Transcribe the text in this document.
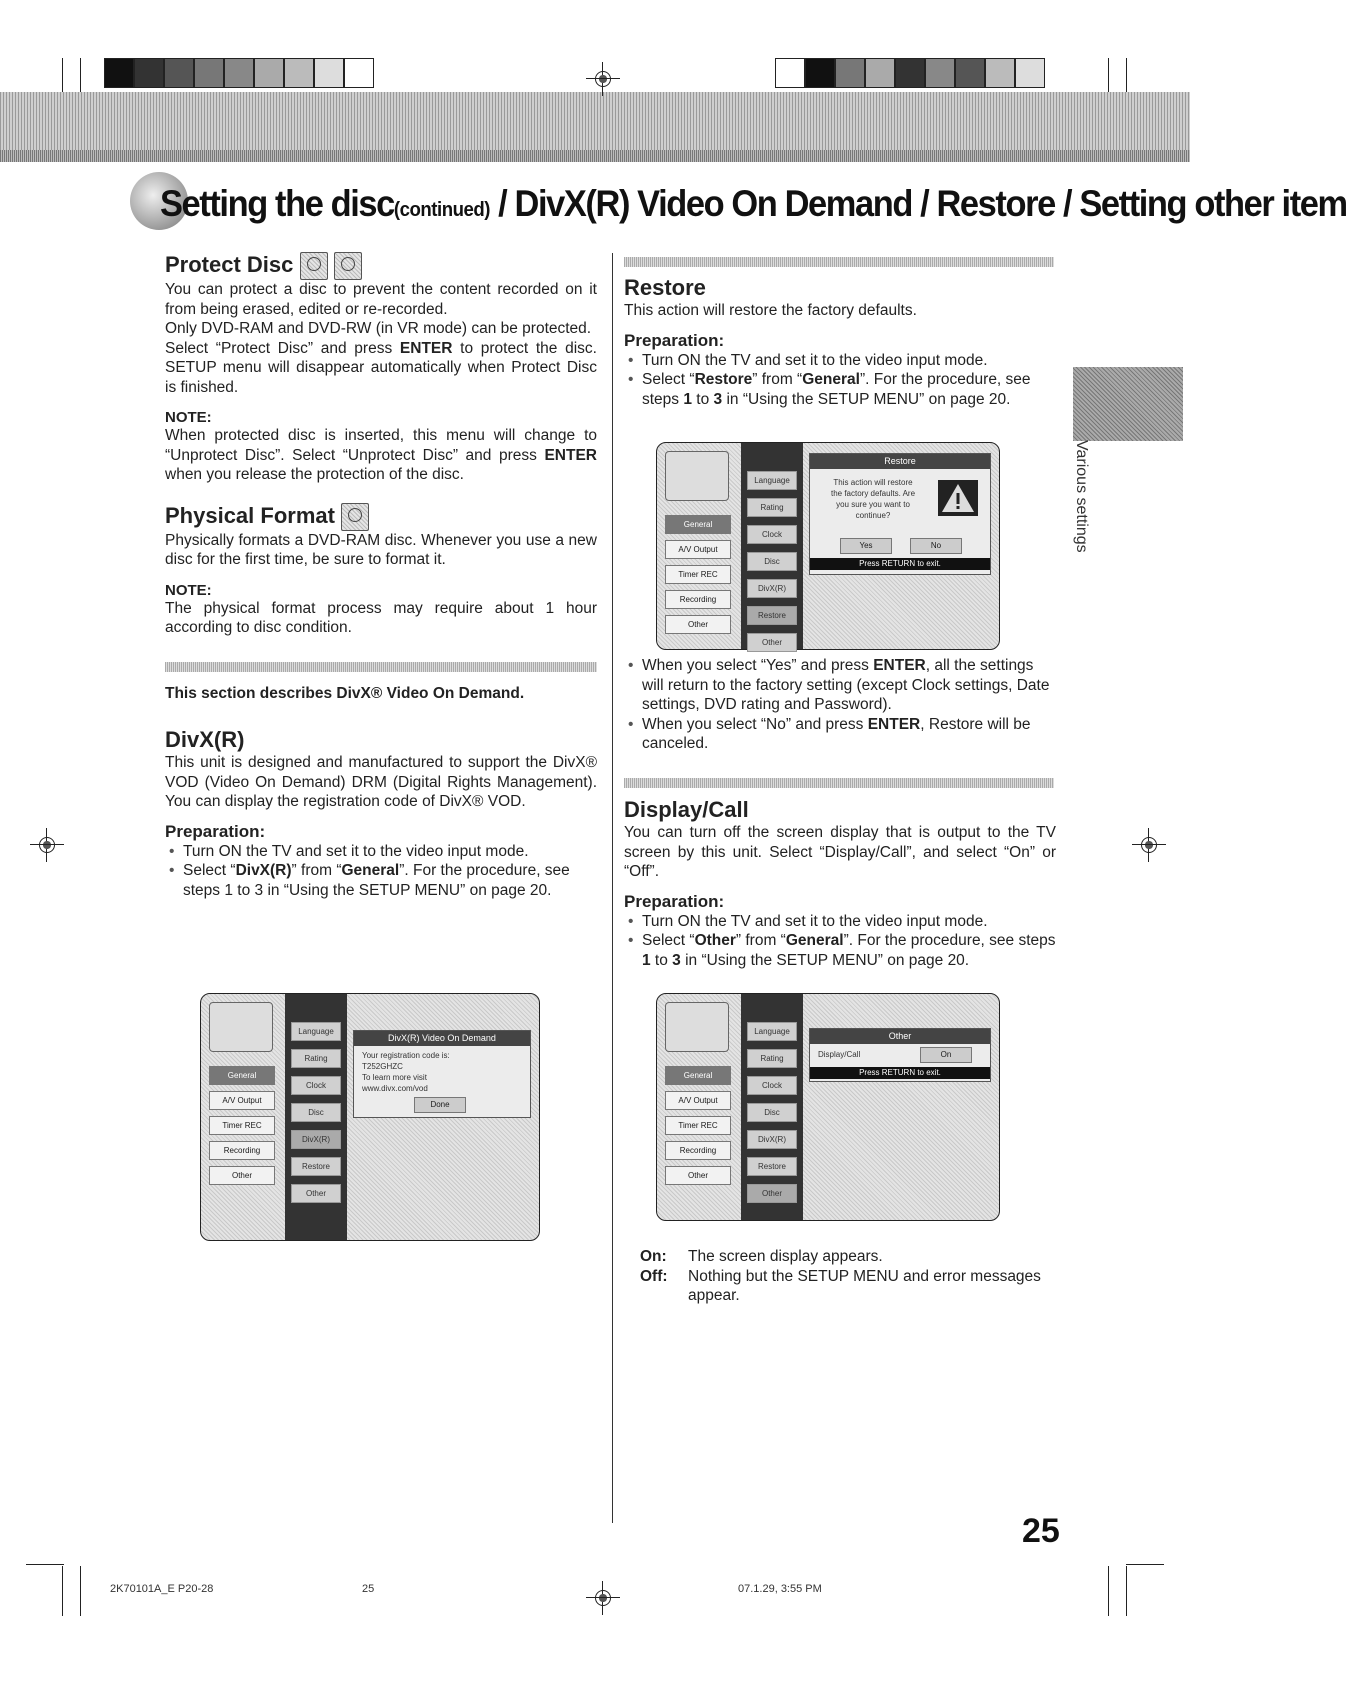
Setting the disc(continued) / DivX(R) Video On Demand / Restore / Setting other item
Protect Disc

You can protect a disc to prevent the content recorded on it from being erased, edited or re-recorded.

Only DVD-RAM and DVD-RW (in VR mode) can be protected.

Select “Protect Disc” and press ENTER to protect the disc. SETUP menu will disappear automatically when Protect Disc is finished.

NOTE:

When protected disc is inserted, this menu will change to “Unprotect Disc”. Select “Unprotect Disc” and press ENTER when you release the protection of the disc.

Physical Format

Physically formats a DVD-RAM disc. Whenever you use a new disc for the first time, be sure to format it.

NOTE:

The physical format process may require about 1 hour according to disc condition.

This section describes DivX® Video On Demand.

DivX(R)

This unit is designed and manufactured to support the DivX® VOD (Video On Demand) DRM (Digital Rights Management). You can display the registration code of DivX® VOD.

Preparation:
• Turn ON the TV and set it to the video input mode.
• Select “DivX(R)” from “General”. For the procedure, see steps 1 to 3 in “Using the SETUP MENU” on page 20.
General
A/V Output
Timer REC
Recording
Other
Language
Rating
Clock
Disc
DivX(R)
Restore
Other
DivX(R) Video On Demand
Your registration code is:
T252GHZC
To learn more visit
www.divx.com/vod
Done
Restore

This action will restore the factory defaults.

Preparation:
• Turn ON the TV and set it to the video input mode.
• Select “Restore” from “General”. For the procedure, see steps 1 to 3 in “Using the SETUP MENU” on page 20.
General
A/V Output
Timer REC
Recording
Other
Language
Rating
Clock
Disc
DivX(R)
Restore
Other
Restore
This action will restore
the factory defaults. Are
you sure you want to
continue?
Yes	No
Press RETURN to exit.
• When you select “Yes” and press ENTER, all the settings will return to the factory setting (except Clock settings, Date settings, DVD rating and Password).
• When you select “No” and press ENTER, Restore will be canceled.
Display/Call

You can turn off the screen display that is output to the TV screen by this unit. Select “Display/Call”, and select “On” or “Off”.

Preparation:
• Turn ON the TV and set it to the video input mode.
• Select “Other” from “General”. For the procedure, see steps 1 to 3 in “Using the SETUP MENU” on page 20.
General
A/V Output
Timer REC
Recording
Other
Language
Rating
Clock
Disc
DivX(R)
Restore
Other
Other
Display/Call	On
Press RETURN to exit.
On:	The screen display appears.
Off:	Nothing but the SETUP MENU and error messages appear.
Various settings
25
2K70101A_E P20-28	25	07.1.29, 3:55 PM
